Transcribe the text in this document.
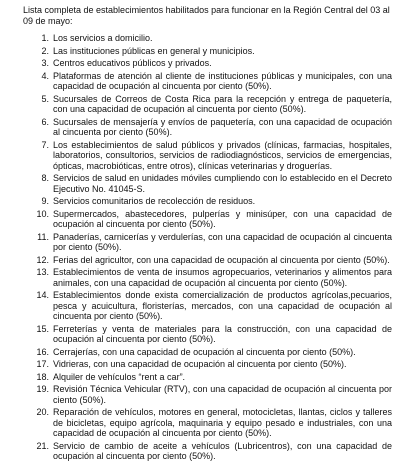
Lista completa de establecimientos habilitados para funcionar en la Región Central del 03 al 09 de mayo:

1. Los servicios a domicilio.
2. Las instituciones públicas en general y municipios.
3. Centros educativos públicos y privados.
4. Plataformas de atención al cliente de instituciones públicas y municipales, con una capacidad de ocupación al cincuenta por ciento (50%).
5. Sucursales de Correos de Costa Rica para la recepción y entrega de paquetería, con una capacidad de ocupación al cincuenta por ciento (50%).
6. Sucursales de mensajería y envíos de paquetería, con una capacidad de ocupación al cincuenta por ciento (50%).
7. Los establecimientos de salud públicos y privados (clínicas, farmacias, hospitales, laboratorios, consultorios, servicios de radiodiagnósticos, servicios de emergencias, ópticas, macrobióticas, entre otros), clínicas veterinarias y droguerías.
8. Servicios de salud en unidades móviles cumpliendo con lo establecido en el Decreto Ejecutivo No. 41045-S.
9. Servicios comunitarios de recolección de residuos.
10. Supermercados, abastecedores, pulperías y minisúper, con una capacidad de ocupación al cincuenta por ciento (50%).
11. Panaderías, carnicerías y verdulerías, con una capacidad de ocupación al cincuenta por ciento (50%).
12. Ferias del agricultor, con una capacidad de ocupación al cincuenta por ciento (50%).
13. Establecimientos de venta de insumos agropecuarios, veterinarios y alimentos para animales, con una capacidad de ocupación al cincuenta por ciento (50%).
14. Establecimientos donde exista comercialización de productos agrícolas,pecuarios, pesca y acuicultura, floristerías, mercados, con una capacidad de ocupación al cincuenta por ciento (50%).
15. Ferreterías y venta de materiales para la construcción, con una capacidad de ocupación al cincuenta por ciento (50%).
16. Cerrajerías, con una capacidad de ocupación al cincuenta por ciento (50%).
17. Vidrieras, con una capacidad de ocupación al cincuenta por ciento (50%).
18. Alquiler de vehículos “rent a car”.
19. Revisión Técnica Vehicular (RTV), con una capacidad de ocupación al cincuenta por ciento (50%).
20. Reparación de vehículos, motores en general, motocicletas, llantas, ciclos y talleres de bicicletas, equipo agrícola, maquinaria y equipo pesado e industriales, con una capacidad de ocupación al cincuenta por ciento (50%).
21. Servicio de cambio de aceite a vehículos (Lubricentros), con una capacidad de ocupación al cincuenta por ciento (50%).
